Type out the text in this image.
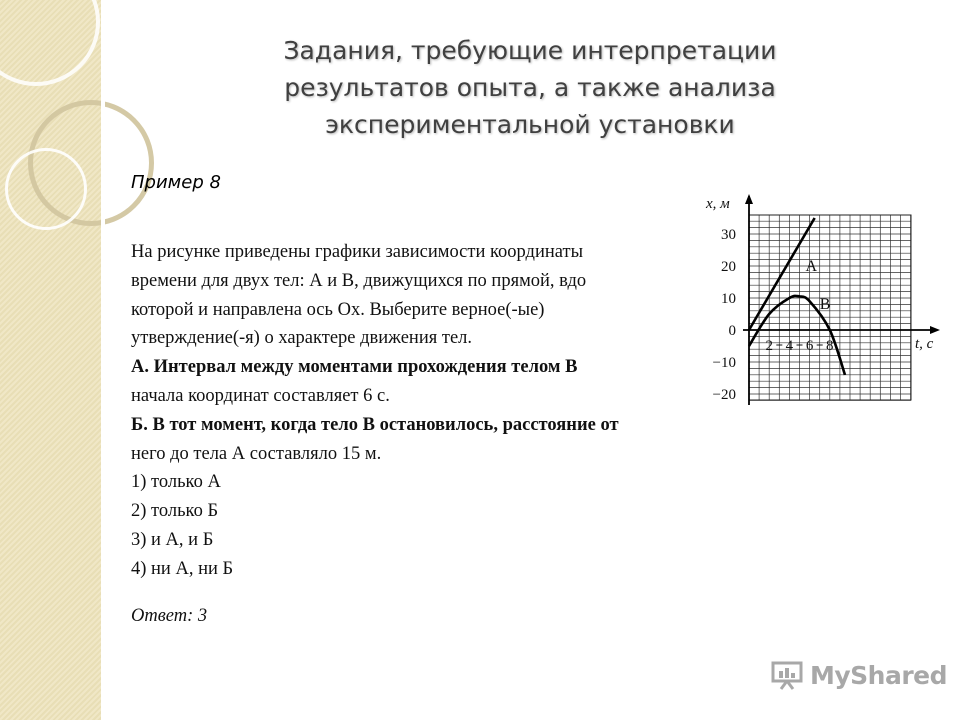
Задания, требующие интерпретации
результатов опыта, а также анализа
экспериментальной установки
Пример 8
На рисунке приведены графики зависимости координаты
времени для двух тел: А и В, движущихся по прямой, вдо
которой и направлена ось Ох. Выберите верное(-ые)
утверждение(-я) о характере движения тел.
А. Интервал между моментами прохождения телом В
начала координат составляет 6 с.
Б. В тот момент, когда тело В остановилось, расстояние от
него до тела А составляло 15 м.
1) только А
2) только Б
3) и А, и Б
4) ни А, ни Б
Ответ: 3
x, м
t, c
30
20
10
0
−10
−20
2 4 6 8
A
B
MyShared
